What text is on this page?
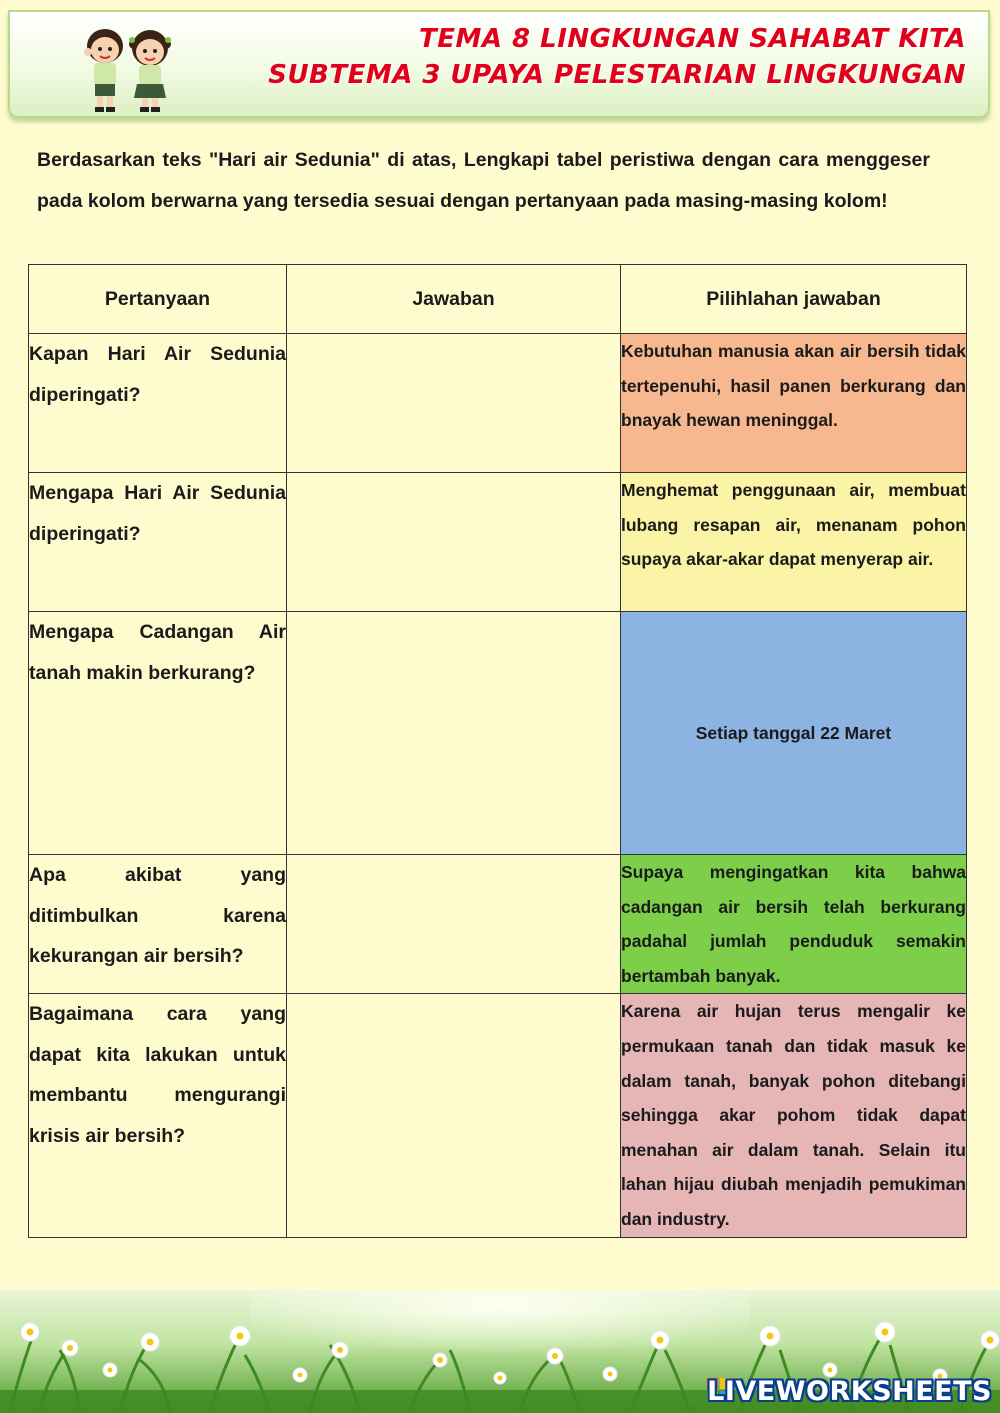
TEMA 8 LINGKUNGAN SAHABAT KITA

SUBTEMA 3 UPAYA PELESTARIAN LINGKUNGAN

Berdasarkan teks "Hari air Sedunia" di atas, Lengkapi tabel peristiwa dengan cara menggeser pada kolom berwarna yang tersedia sesuai dengan pertanyaan pada masing-masing kolom!

Pertanyaan	Jawaban	Pilihlahan jawaban

Kapan Hari Air Sedunia diperingati?		Kebutuhan manusia akan air bersih tidak tertepenuhi, hasil panen berkurang dan bnayak hewan meninggal.

Mengapa Hari Air Sedunia diperingati?		Menghemat penggunaan air, membuat lubang resapan air, menanam pohon supaya akar-akar dapat menyerap air.

Mengapa Cadangan Air tanah makin berkurang?		Setiap tanggal 22 Maret

Apa akibat yang ditimbulkan karena kekurangan air bersih?		Supaya mengingatkan kita bahwa cadangan air bersih telah berkurang padahal jumlah penduduk semakin bertambah banyak.

Bagaimana cara yang dapat kita lakukan untuk membantu mengurangi krisis air bersih?		Karena air hujan terus mengalir ke permukaan tanah dan tidak masuk ke dalam tanah, banyak pohon ditebangi sehingga akar pohom tidak dapat menahan air dalam tanah. Selain itu lahan hijau diubah menjadih pemukiman dan industry.
LIVEWORKSHEETS
